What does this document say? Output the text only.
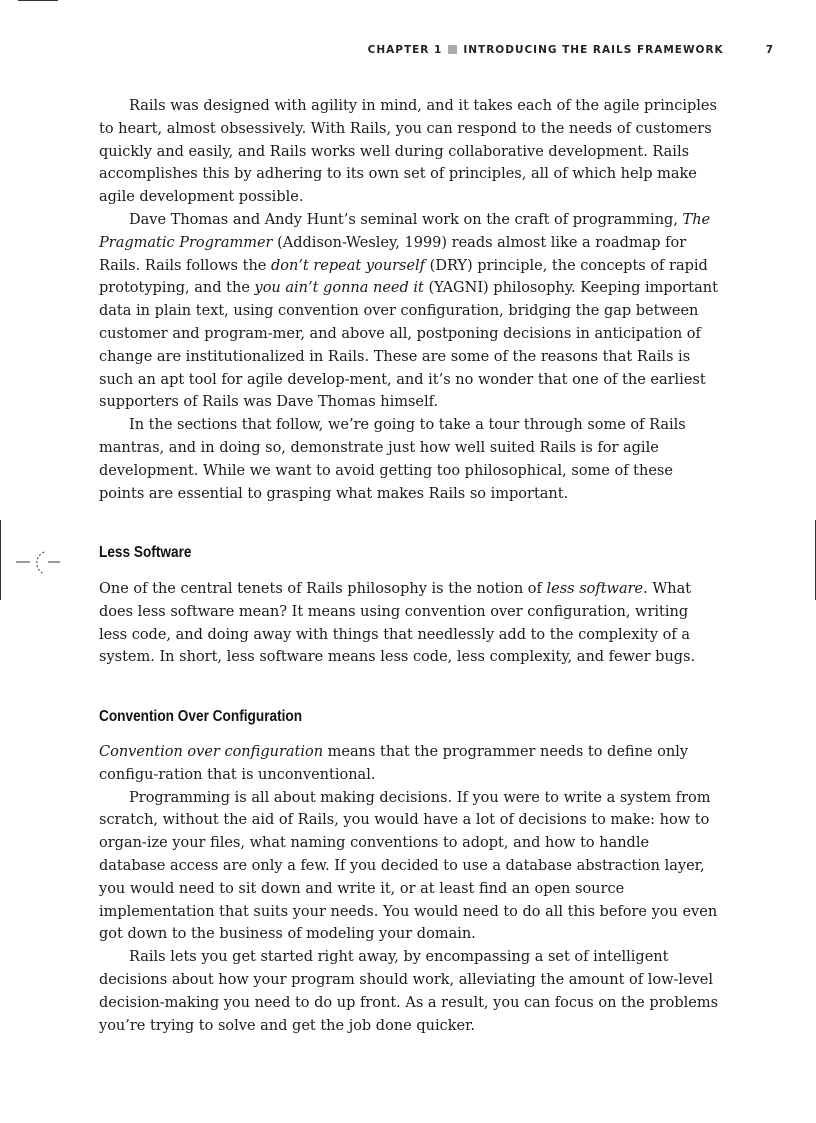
CHAPTER 1 INTRODUCING THE RAILS FRAMEWORK	7

Rails was designed with agility in mind, and it takes each of the agile principles to heart, almost obsessively. With Rails, you can respond to the needs of customers quickly and easily, and Rails works well during collaborative development. Rails accomplishes this by adhering to its own set of principles, all of which help make agile development possible.

Dave Thomas and Andy Hunt’s seminal work on the craft of programming, The Pragmatic Programmer (Addison-Wesley, 1999) reads almost like a roadmap for Rails. Rails follows the don’t repeat yourself (DRY) principle, the concepts of rapid prototyping, and the you ain’t gonna need it (YAGNI) philosophy. Keeping important data in plain text, using convention over configuration, bridging the gap between customer and program-mer, and above all, postponing decisions in anticipation of change are institutionalized in Rails. These are some of the reasons that Rails is such an apt tool for agile develop-ment, and it’s no wonder that one of the earliest supporters of Rails was Dave Thomas himself.

In the sections that follow, we’re going to take a tour through some of Rails mantras, and in doing so, demonstrate just how well suited Rails is for agile development. While we want to avoid getting too philosophical, some of these points are essential to grasping what makes Rails so important.

Less Software

One of the central tenets of Rails philosophy is the notion of less software. What does less software mean? It means using convention over configuration, writing less code, and doing away with things that needlessly add to the complexity of a system. In short, less software means less code, less complexity, and fewer bugs.

Convention Over Configuration

Convention over configuration means that the programmer needs to define only configu-ration that is unconventional.

Programming is all about making decisions. If you were to write a system from scratch, without the aid of Rails, you would have a lot of decisions to make: how to organ-ize your files, what naming conventions to adopt, and how to handle database access are only a few. If you decided to use a database abstraction layer, you would need to sit down and write it, or at least find an open source implementation that suits your needs. You would need to do all this before you even got down to the business of modeling your domain.

Rails lets you get started right away, by encompassing a set of intelligent decisions about how your program should work, alleviating the amount of low-level decision-making you need to do up front. As a result, you can focus on the problems you’re trying to solve and get the job done quicker.
